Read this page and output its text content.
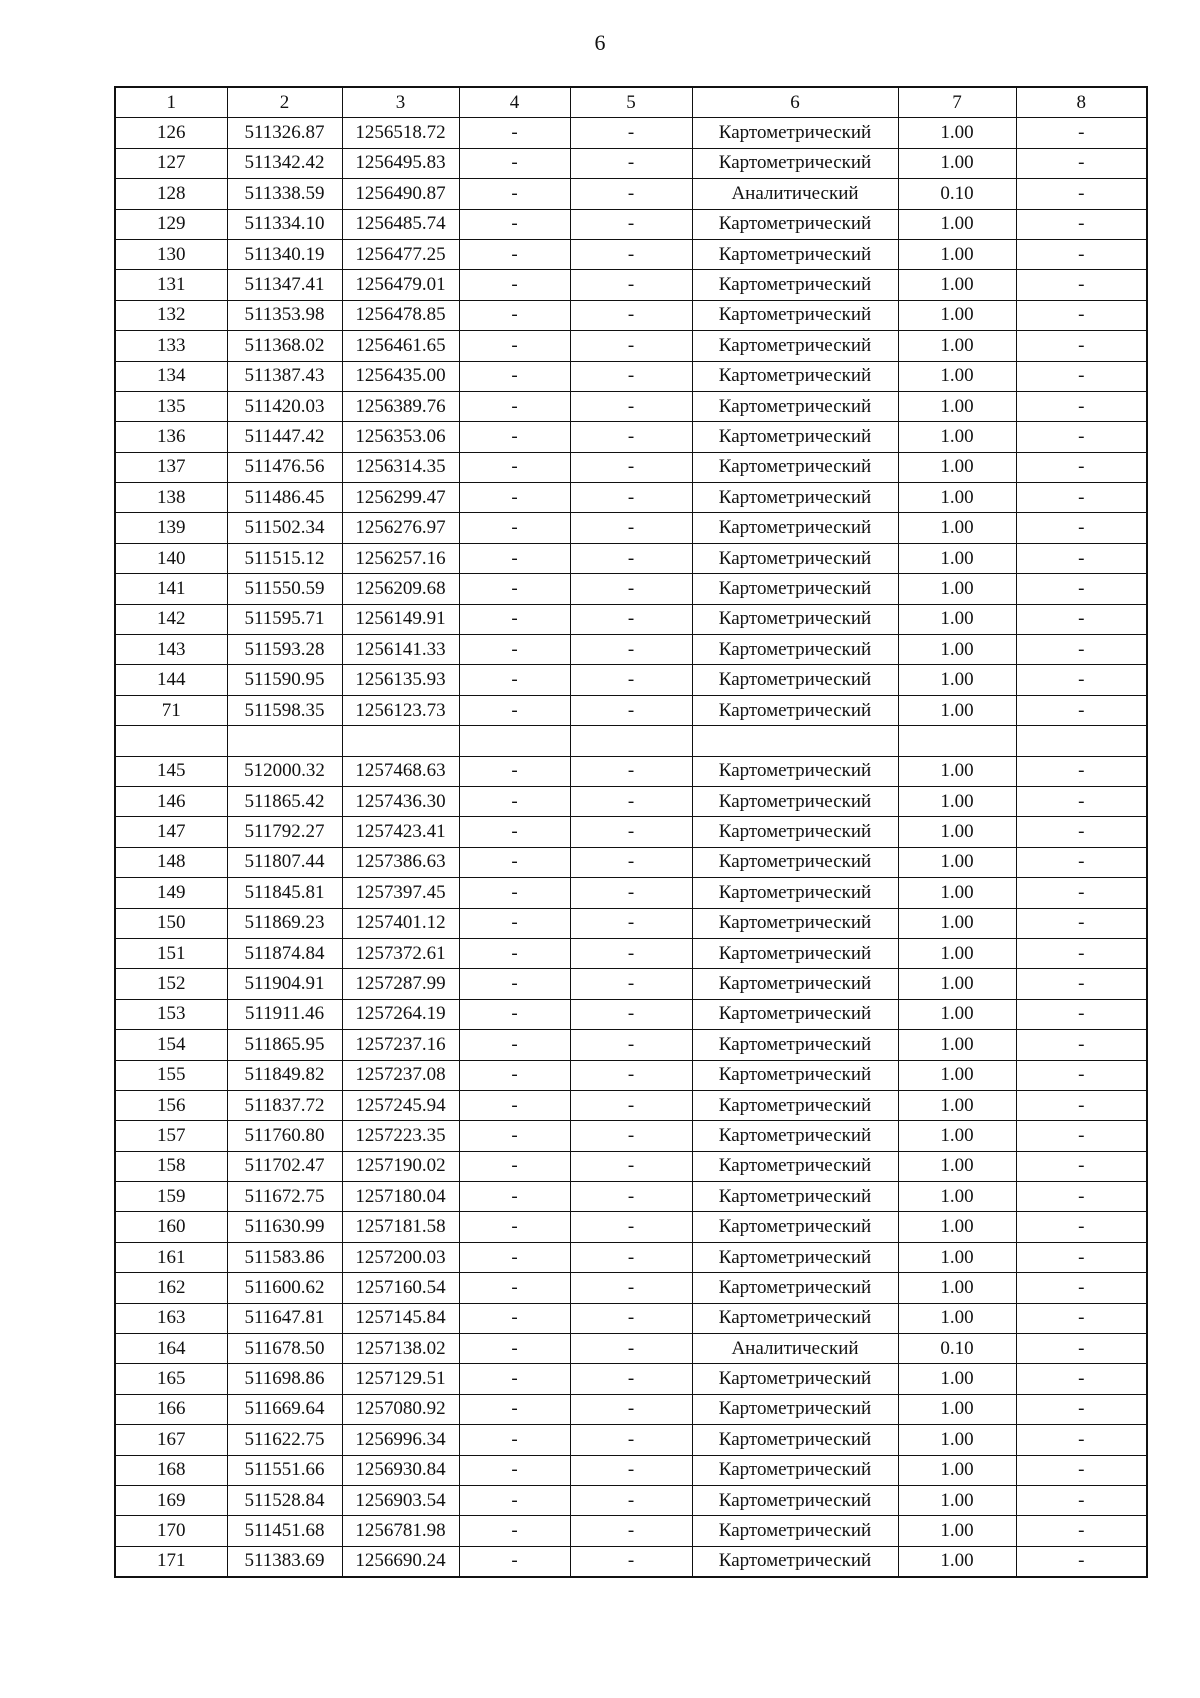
6
1	2	3	4	5	6	7	8
126	511326.87	1256518.72	-	-	Картометрический	1.00	-
127	511342.42	1256495.83	-	-	Картометрический	1.00	-
128	511338.59	1256490.87	-	-	Аналитический	0.10	-
129	511334.10	1256485.74	-	-	Картометрический	1.00	-
130	511340.19	1256477.25	-	-	Картометрический	1.00	-
131	511347.41	1256479.01	-	-	Картометрический	1.00	-
132	511353.98	1256478.85	-	-	Картометрический	1.00	-
133	511368.02	1256461.65	-	-	Картометрический	1.00	-
134	511387.43	1256435.00	-	-	Картометрический	1.00	-
135	511420.03	1256389.76	-	-	Картометрический	1.00	-
136	511447.42	1256353.06	-	-	Картометрический	1.00	-
137	511476.56	1256314.35	-	-	Картометрический	1.00	-
138	511486.45	1256299.47	-	-	Картометрический	1.00	-
139	511502.34	1256276.97	-	-	Картометрический	1.00	-
140	511515.12	1256257.16	-	-	Картометрический	1.00	-
141	511550.59	1256209.68	-	-	Картометрический	1.00	-
142	511595.71	1256149.91	-	-	Картометрический	1.00	-
143	511593.28	1256141.33	-	-	Картометрический	1.00	-
144	511590.95	1256135.93	-	-	Картометрический	1.00	-
71	511598.35	1256123.73	-	-	Картометрический	1.00	-

145	512000.32	1257468.63	-	-	Картометрический	1.00	-
146	511865.42	1257436.30	-	-	Картометрический	1.00	-
147	511792.27	1257423.41	-	-	Картометрический	1.00	-
148	511807.44	1257386.63	-	-	Картометрический	1.00	-
149	511845.81	1257397.45	-	-	Картометрический	1.00	-
150	511869.23	1257401.12	-	-	Картометрический	1.00	-
151	511874.84	1257372.61	-	-	Картометрический	1.00	-
152	511904.91	1257287.99	-	-	Картометрический	1.00	-
153	511911.46	1257264.19	-	-	Картометрический	1.00	-
154	511865.95	1257237.16	-	-	Картометрический	1.00	-
155	511849.82	1257237.08	-	-	Картометрический	1.00	-
156	511837.72	1257245.94	-	-	Картометрический	1.00	-
157	511760.80	1257223.35	-	-	Картометрический	1.00	-
158	511702.47	1257190.02	-	-	Картометрический	1.00	-
159	511672.75	1257180.04	-	-	Картометрический	1.00	-
160	511630.99	1257181.58	-	-	Картометрический	1.00	-
161	511583.86	1257200.03	-	-	Картометрический	1.00	-
162	511600.62	1257160.54	-	-	Картометрический	1.00	-
163	511647.81	1257145.84	-	-	Картометрический	1.00	-
164	511678.50	1257138.02	-	-	Аналитический	0.10	-
165	511698.86	1257129.51	-	-	Картометрический	1.00	-
166	511669.64	1257080.92	-	-	Картометрический	1.00	-
167	511622.75	1256996.34	-	-	Картометрический	1.00	-
168	511551.66	1256930.84	-	-	Картометрический	1.00	-
169	511528.84	1256903.54	-	-	Картометрический	1.00	-
170	511451.68	1256781.98	-	-	Картометрический	1.00	-
171	511383.69	1256690.24	-	-	Картометрический	1.00	-
